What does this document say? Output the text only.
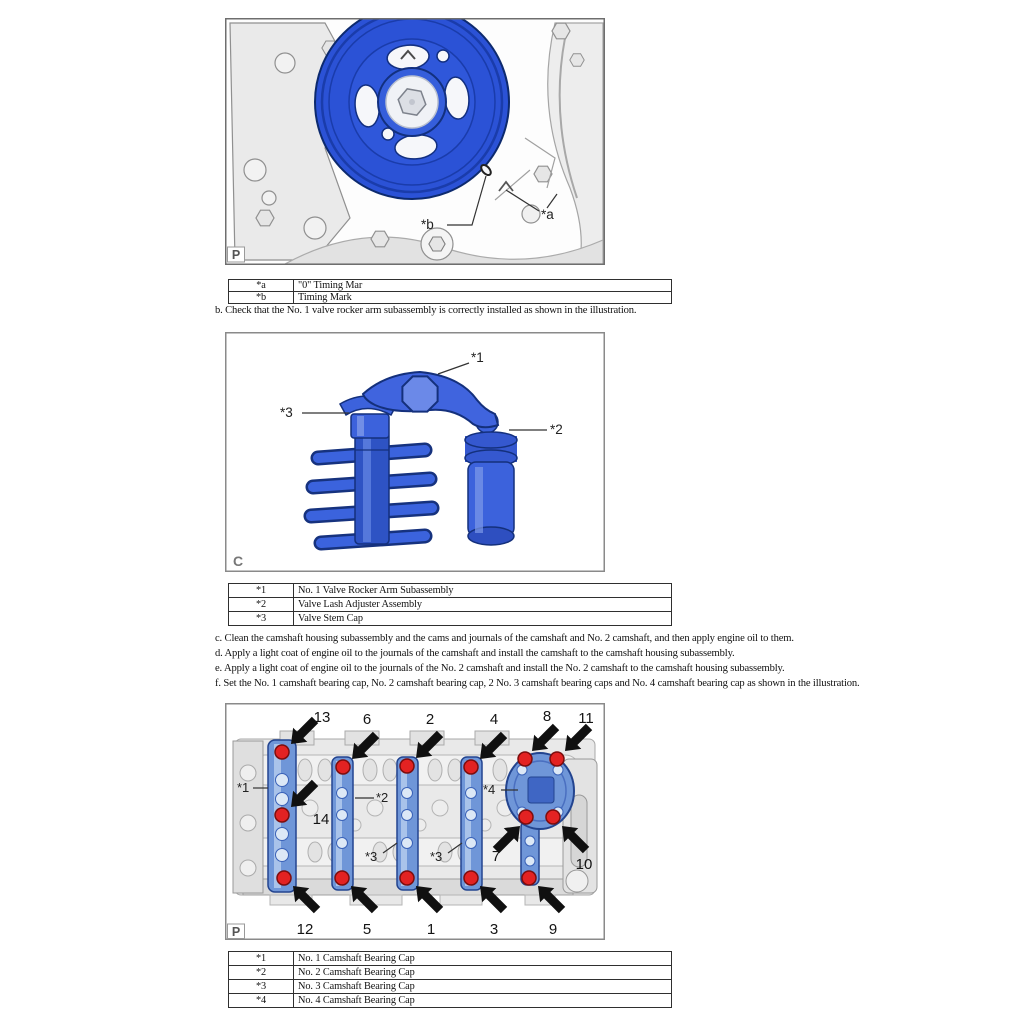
*b
*a
P
*a	"0" Timing Mar
*b	Timing Mark
b. Check that the No. 1 valve rocker arm subassembly is correctly installed as shown in the illustration.
*1
*3
*2
C
*1	No. 1 Valve Rocker Arm Subassembly
*2	Valve Lash Adjuster Assembly
*3	Valve Stem Cap
c. Clean the camshaft housing subassembly and the cams and journals of the camshaft and No. 2 camshaft, and then apply engine oil to them.
d. Apply a light coat of engine oil to the journals of the camshaft and install the camshaft to the camshaft housing subassembly.
e. Apply a light coat of engine oil to the journals of the No. 2 camshaft and install the No. 2 camshaft to the camshaft housing subassembly.
f. Set the No. 1 camshaft bearing cap, No. 2 camshaft bearing cap, 2 No. 3 camshaft bearing caps and No. 4 camshaft bearing cap as shown in the illustration.
13 6	2	4	8 11
14
12	5	1	3	9
7	10
*1
*2
*3	*3
*4
P
*1	No. 1 Camshaft Bearing Cap
*2	No. 2 Camshaft Bearing Cap
*3	No. 3 Camshaft Bearing Cap
*4	No. 4 Camshaft Bearing Cap
